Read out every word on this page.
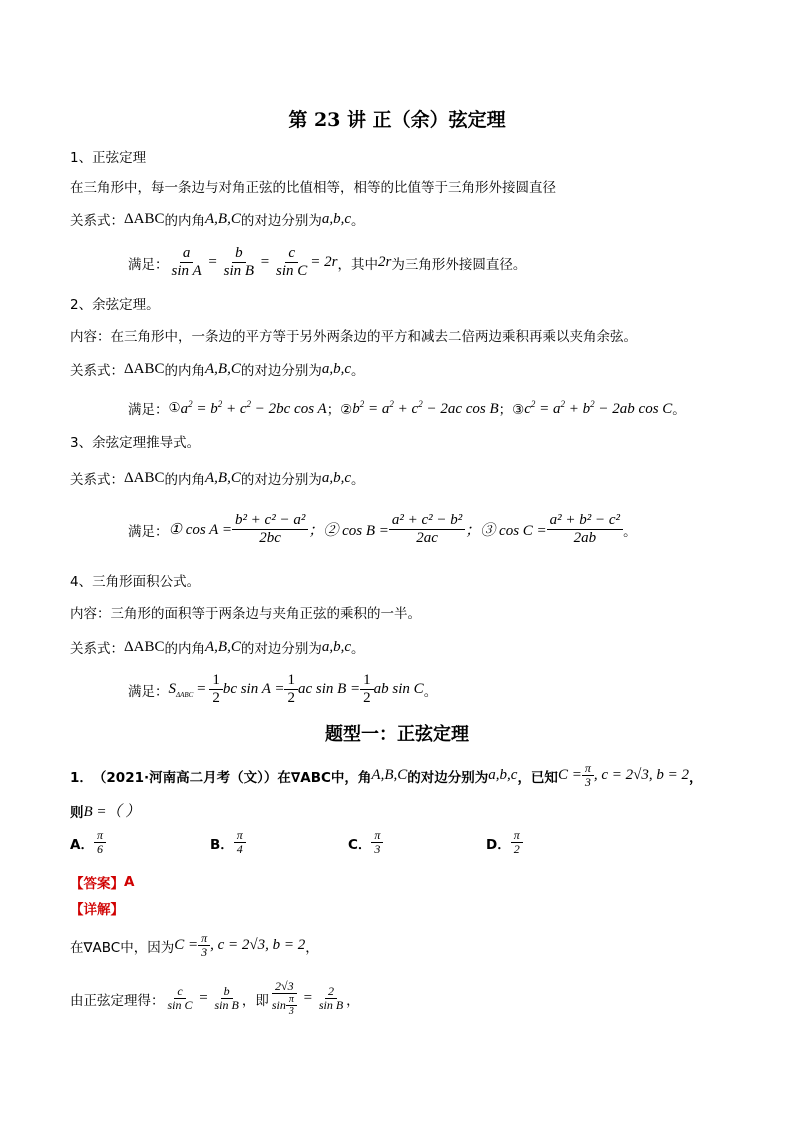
第 23 讲 正（余）弦定理
1、正弦定理
在三角形中，每一条边与对角正弦的比值相等，相等的比值等于三角形外接圆直径
关系式： ΔABC 的内角 A,B,C 的对边分别为 a,b,c 。
满足： $\frac{a}{\text{sin A}} = \frac{b}{\text{sin B}} = \frac{c}{\text{sin C}} = 2r$ ，其中 2r 为三角形外接圆直径。
2、余弦定理。
内容：在三角形中，一条边的平方等于另外两条边的平方和减去二倍两边乘积再乘以夹角余弦。
关系式： ΔABC 的内角 A,B,C 的对边分别为 a,b,c 。
满足： ① $a^2 = b^2 + c^2 - 2bc$ cos A ；② $b^2 = a^2 + c^2 - 2ac$ cos B ；③ $c^2 = a^2 + b^2 - 2ab$ cos C 。
3、余弦定理推导式。
关系式： ΔABC 的内角 A,B,C 的对边分别为 a,b,c 。
满足： ① $\cos A = \frac{\text{b² + c² − a²}}{2bc}$ ；② $\cos B = \frac{\text{a² + c² − b²}}{2ac}$ ；③ $\cos C = \frac{\text{a² + b² − c²}}{2ab}$ 。
4、三角形面积公式。
内容：三角形的面积等于两条边与夹角正弦的乘积的一半。
关系式： ΔABC 的内角 A,B,C 的对边分别为 a,b,c 。
满足： $S_{\Delta ABC} = \frac{1}{2}$ bc $\sin A = \frac{1}{2}$ ac $\sin B = \frac{1}{2}$ ab sin C 。
题型一：正弦定理
1． （2021·河南高二月考（文）） 在∇ABC中，角 A,B,C 的对边分别为 a,b,c ，已知 $C = \frac{\pi}{3}$ , c = 2√3, b = 2 ，
则 B =（ ）
A． $\frac{\pi}{6}$	B． $\frac{\pi}{4}$	C． $\frac{\pi}{3}$	D． $\frac{\pi}{2}$
【答案】 A
【详解】
在∇ABC中，因为 $C = \frac{\pi}{3}$ , c = 2√3, b = 2 ，
由正弦定理得： $\frac{c}{\text{sin C}} = \frac{b}{\text{sin B}}$ ，即 $\frac{2√3}{\sin \frac{\pi}{3}} = \frac{2}{\text{sin B}}$ ，
